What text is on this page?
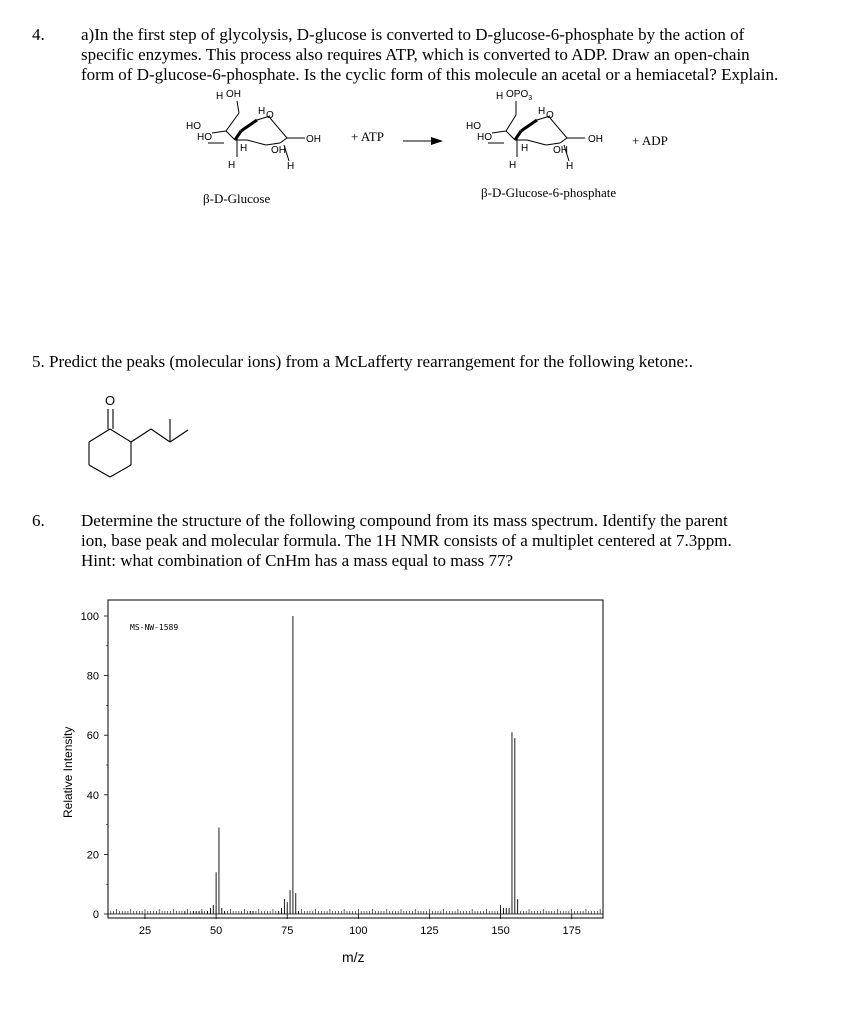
4. a)In the first step of glycolysis, D-glucose is converted to D-glucose-6-phosphate by the action of
specific enzymes. This process also requires ATP, which is converted to ADP. Draw an open-chain
form of D-glucose-6-phosphate. Is the cyclic form of this molecule an acetal or a hemiacetal? Explain.
H OH
HO
HO
H O
OH
OH
H
H	H
+ ATP
H $OPO_3$
HO
HO
H O
OH
OH
H
H	H
+ ADP
β-D-Glucose	β-D-Glucose-6-phosphate
5. Predict the peaks (molecular ions) from a McLafferty rearrangement for the following ketone:.
O
6. Determine the structure of the following compound from its mass spectrum. Identify the parent
ion, base peak and molecular formula. The 1H NMR consists of a multiplet centered at 7.3ppm.
Hint: what combination of CnHm has a mass equal to mass 77?
MS-NW-1589
Relative Intensity
m/z
25	50	75	100	125	150	175
0
20
40
60
80
100
